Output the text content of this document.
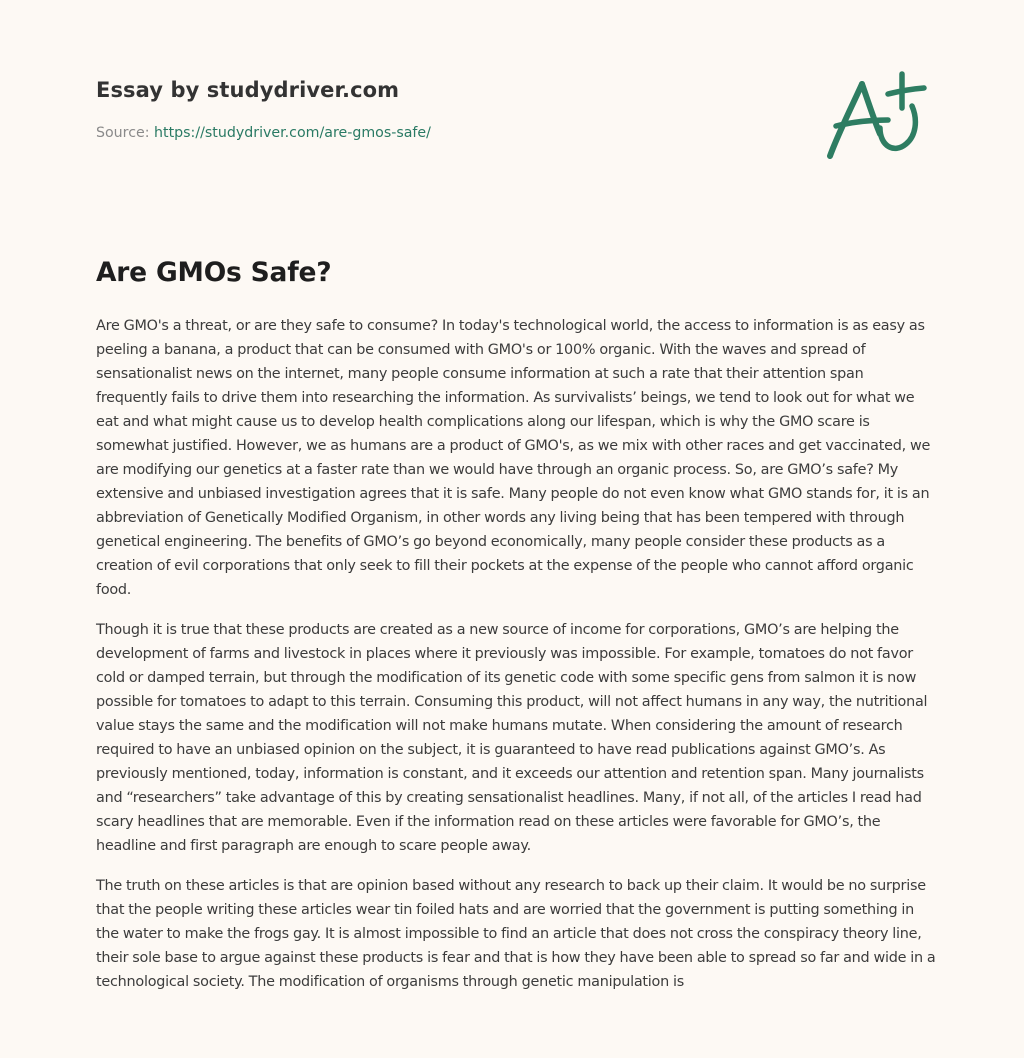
Essay by studydriver.com
Source: https://studydriver.com/are-gmos-safe/
Are GMOs Safe?

Are GMO's a threat, or are they safe to consume? In today's technological world, the access to information is as easy as peeling a banana, a product that can be consumed with GMO's or 100% organic. With the waves and spread of sensationalist news on the internet, many people consume information at such a rate that their attention span frequently fails to drive them into researching the information. As survivalists’ beings, we tend to look out for what we eat and what might cause us to develop health complications along our lifespan, which is why the GMO scare is somewhat justified. However, we as humans are a product of GMO's, as we mix with other races and get vaccinated, we are modifying our genetics at a faster rate than we would have through an organic process. So, are GMO’s safe? My extensive and unbiased investigation agrees that it is safe. Many people do not even know what GMO stands for, it is an abbreviation of Genetically Modified Organism, in other words any living being that has been tempered with through genetical engineering. The benefits of GMO’s go beyond economically, many people consider these products as a creation of evil corporations that only seek to fill their pockets at the expense of the people who cannot afford organic food.

Though it is true that these products are created as a new source of income for corporations, GMO’s are helping the development of farms and livestock in places where it previously was impossible. For example, tomatoes do not favor cold or damped terrain, but through the modification of its genetic code with some specific gens from salmon it is now possible for tomatoes to adapt to this terrain. Consuming this product, will not affect humans in any way, the nutritional value stays the same and the modification will not make humans mutate. When considering the amount of research required to have an unbiased opinion on the subject, it is guaranteed to have read publications against GMO’s. As previously mentioned, today, information is constant, and it exceeds our attention and retention span. Many journalists and “researchers” take advantage of this by creating sensationalist headlines. Many, if not all, of the articles I read had scary headlines that are memorable. Even if the information read on these articles were favorable for GMO’s, the headline and first paragraph are enough to scare people away.

The truth on these articles is that are opinion based without any research to back up their claim. It would be no surprise that the people writing these articles wear tin foiled hats and are worried that the government is putting something in the water to make the frogs gay. It is almost impossible to find an article that does not cross the conspiracy theory line, their sole base to argue against these products is fear and that is how they have been able to spread so far and wide in a technological society. The modification of organisms through genetic manipulation is
